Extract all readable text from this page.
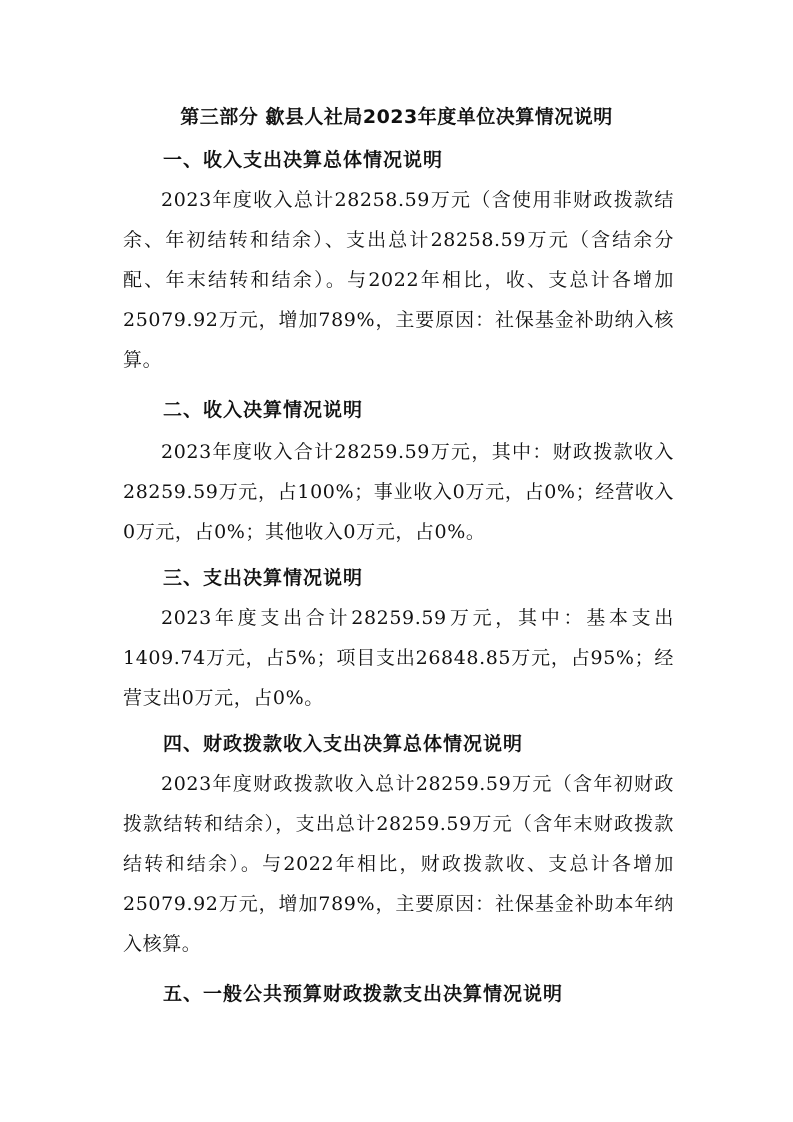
第三部分 歙县人社局2023年度单位决算情况说明
一、收入支出决算总体情况说明
2023年度收入总计28258.59万元（含使用非财政拨款结余、年初结转和结余）、支出总计28258.59万元（含结余分配、年末结转和结余）。与2022年相比，收、支总计各增加25079.92万元，增加789%，主要原因：社保基金补助纳入核算。
二、收入决算情况说明
2023年度收入合计28259.59万元，其中：财政拨款收入28259.59万元，占100%；事业收入0万元，占0%；经营收入0万元，占0%；其他收入0万元，占0%。
三、支出决算情况说明
2023年度支出合计28259.59万元，其中：基本支出1409.74万元，占5%；项目支出26848.85万元，占95%；经营支出0万元，占0%。
四、财政拨款收入支出决算总体情况说明
2023年度财政拨款收入总计28259.59万元（含年初财政拨款结转和结余），支出总计28259.59万元（含年末财政拨款结转和结余）。与2022年相比，财政拨款收、支总计各增加25079.92万元，增加789%，主要原因：社保基金补助本年纳入核算。
五、一般公共预算财政拨款支出决算情况说明
